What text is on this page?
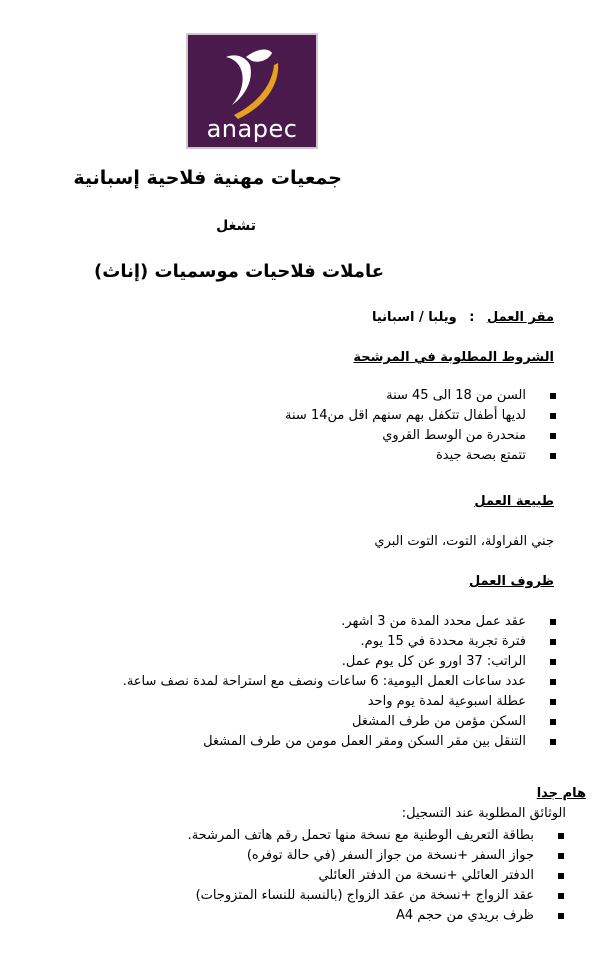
anapec
جمعيات مهنية فلاحية إسبانية
تشغل
عاملات فلاحيات موسميات (إناث)
مقر العمل : ويلبا / اسبانيا
الشروط المطلوبة في المرشحة
السن من 18 الى 45 سنة
لديها أطفال تتكفل بهم سنهم اقل من14 سنة
منحدرة من الوسط القروي
تتمتع بصحة جيدة
طبيعة العمل
جني الفراولة، التوت، التوت البري
ظروف العمل
عقد عمل محدد المدة من 3 اشهر.
فترة تجربة محددة في 15 يوم.
الراتب: 37 اورو عن كل يوم عمل.
عدد ساعات العمل اليومية: 6 ساعات ونصف مع استراحة لمدة نصف ساعة.
عطلة اسبوعية لمدة يوم واحد
السكن مؤمن من طرف المشغل
التنقل بين مقر السكن ومقر العمل مومن من طرف المشغل
هام جدا
الوثائق المطلوبة عند التسجيل:
بطاقة التعريف الوطنية مع نسخة منها تحمل رقم هاتف المرشحة.
جواز السفر +نسخة من جواز السفر (في حالة توفره)
الدفتر العائلي +نسخة من الدفتر العائلي
عقد الزواج +نسخة من عقد الزواج (بالنسبة للنساء المتزوجات)
ظرف بريدي من حجم A4
